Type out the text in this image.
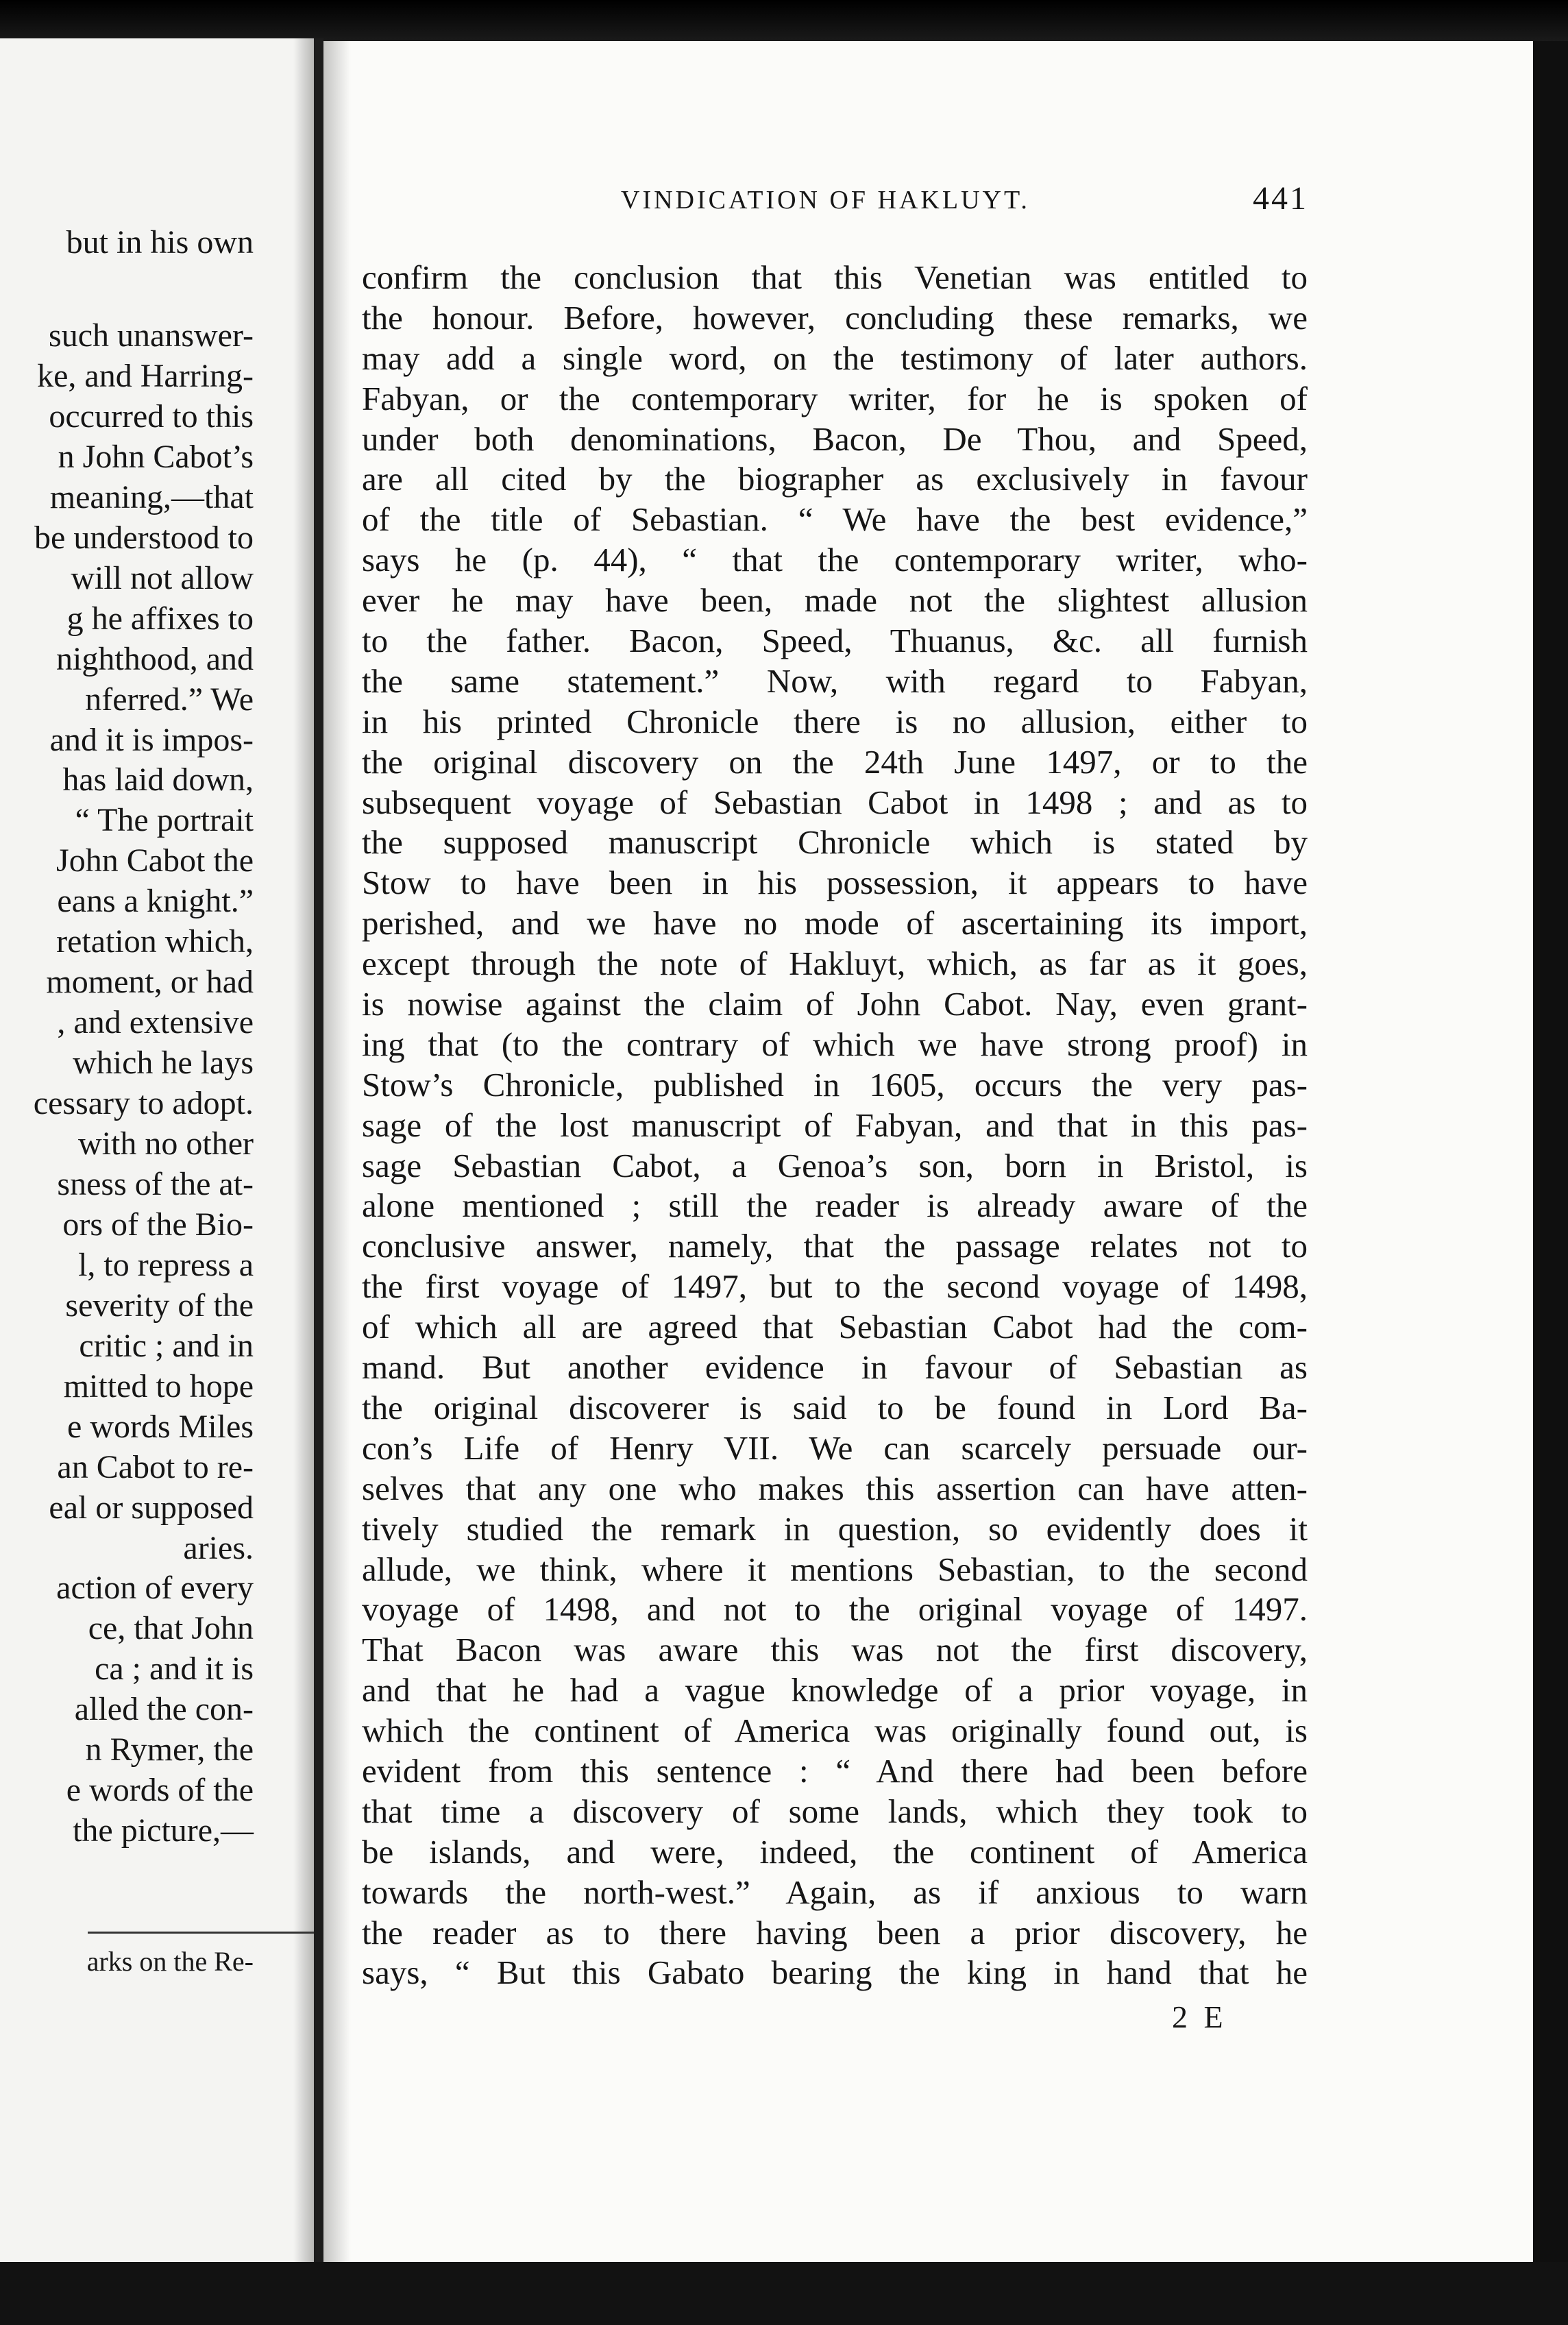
but in his own
such unanswer-
ke, and Harring-
occurred to this
n John Cabot’s
meaning,—that
be understood to
will not allow
g he affixes to
nighthood, and
nferred.” We
and it is impos-
has laid down,
“ The portrait
John Cabot the
eans a knight.”
retation which,
moment, or had
, and extensive
which he lays
cessary to adopt.
with no other
sness of the at-
ors of the Bio-
l, to repress a
severity of the
critic ; and in
mitted to hope
e words Miles
an Cabot to re-
eal or supposed
aries.
action of every
ce, that John
ca ; and it is
alled the con-
n Rymer, the
e words of the
the picture,—
arks on the Re-
VINDICATION OF HAKLUYT.	441
confirm the conclusion that this Venetian was entitled to
the honour. Before, however, concluding these remarks, we
may add a single word, on the testimony of later authors.
Fabyan, or the contemporary writer, for he is spoken of
under both denominations, Bacon, De Thou, and Speed,
are all cited by the biographer as exclusively in favour
of the title of Sebastian. “ We have the best evidence,”
says he (p. 44), “ that the contemporary writer, who-
ever he may have been, made not the slightest allusion
to the father. Bacon, Speed, Thuanus, &c. all furnish
the same statement.” Now, with regard to Fabyan,
in his printed Chronicle there is no allusion, either to
the original discovery on the 24th June 1497, or to the
subsequent voyage of Sebastian Cabot in 1498 ; and as to
the supposed manuscript Chronicle which is stated by
Stow to have been in his possession, it appears to have
perished, and we have no mode of ascertaining its import,
except through the note of Hakluyt, which, as far as it goes,
is nowise against the claim of John Cabot. Nay, even grant-
ing that (to the contrary of which we have strong proof) in
Stow’s Chronicle, published in 1605, occurs the very pas-
sage of the lost manuscript of Fabyan, and that in this pas-
sage Sebastian Cabot, a Genoa’s son, born in Bristol, is
alone mentioned ; still the reader is already aware of the
conclusive answer, namely, that the passage relates not to
the first voyage of 1497, but to the second voyage of 1498,
of which all are agreed that Sebastian Cabot had the com-
mand. But another evidence in favour of Sebastian as
the original discoverer is said to be found in Lord Ba-
con’s Life of Henry VII. We can scarcely persuade our-
selves that any one who makes this assertion can have atten-
tively studied the remark in question, so evidently does it
allude, we think, where it mentions Sebastian, to the second
voyage of 1498, and not to the original voyage of 1497.
That Bacon was aware this was not the first discovery,
and that he had a vague knowledge of a prior voyage, in
which the continent of America was originally found out, is
evident from this sentence : “ And there had been before
that time a discovery of some lands, which they took to
be islands, and were, indeed, the continent of America
towards the north-west.” Again, as if anxious to warn
the reader as to there having been a prior discovery, he
says, “ But this Gabato bearing the king in hand that he
2 E
